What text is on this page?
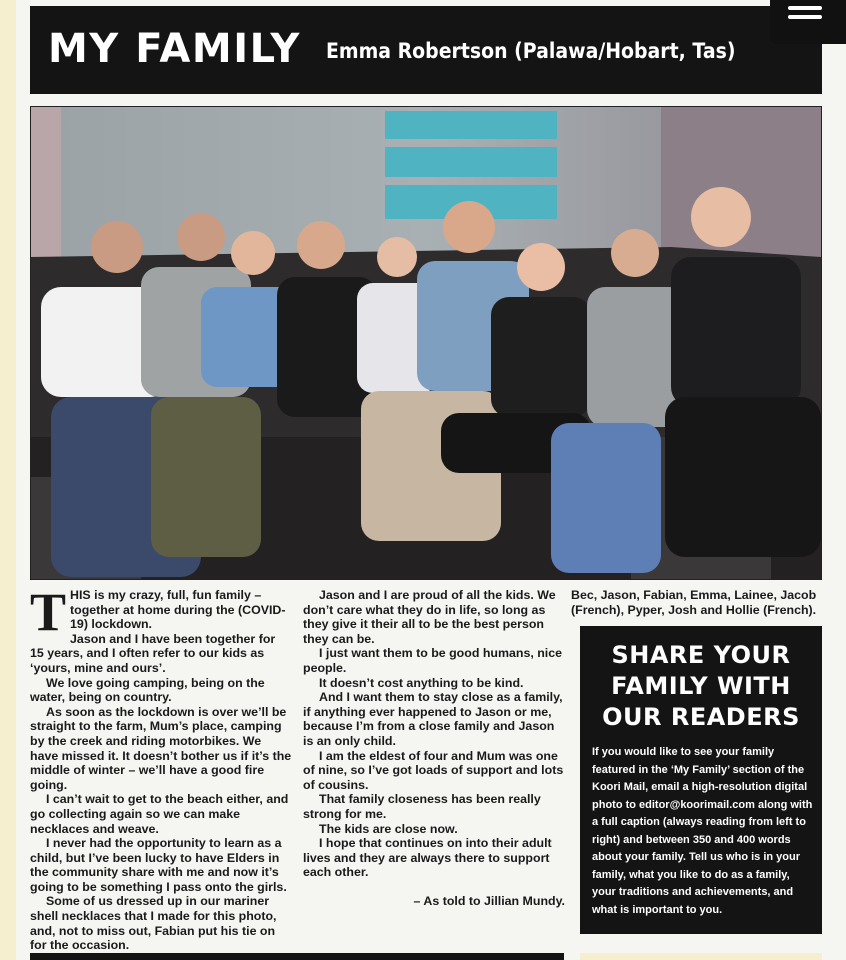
MY FAMILY Emma Robertson (Palawa/Hobart, Tas)

THIS is my crazy, full, fun family – together at home during the (COVID-19) lockdown.

Jason and I have been together for 15 years, and I often refer to our kids as ‘yours, mine and ours’.

We love going camping, being on the water, being on country.

As soon as the lockdown is over we’ll be straight to the farm, Mum’s place, camping by the creek and riding motorbikes. We have missed it. It doesn’t bother us if it’s the middle of winter – we’ll have a good fire going.

I can’t wait to get to the beach either, and go collecting again so we can make necklaces and weave.

I never had the opportunity to learn as a child, but I’ve been lucky to have Elders in the community share with me and now it’s going to be something I pass onto the girls.

Some of us dressed up in our mariner shell necklaces that I made for this photo, and, not to miss out, Fabian put his tie on for the occasion.

Jason and I are proud of all the kids. We don’t care what they do in life, so long as they give it their all to be the best person they can be.

I just want them to be good humans, nice people.

It doesn’t cost anything to be kind.

And I want them to stay close as a family, if anything ever happened to Jason or me, because I’m from a close family and Jason is an only child.

I am the eldest of four and Mum was one of nine, so I’ve got loads of support and lots of cousins.

That family closeness has been really strong for me.

The kids are close now.

I hope that continues on into their adult lives and they are always there to support each other.

– As told to Jillian Mundy.

Bec, Jason, Fabian, Emma, Lainee, Jacob (French), Pyper, Josh and Hollie (French).

SHARE YOUR
FAMILY WITH
OUR READERS
If you would like to see your family featured in the ‘My Family’ section of the Koori Mail, email a high-resolution digital photo to editor@koorimail.com along with a full caption (always reading from left to right) and between 350 and 400 words about your family. Tell us who is in your family, what you like to do as a family, your traditions and achievements, and what is important to you.
